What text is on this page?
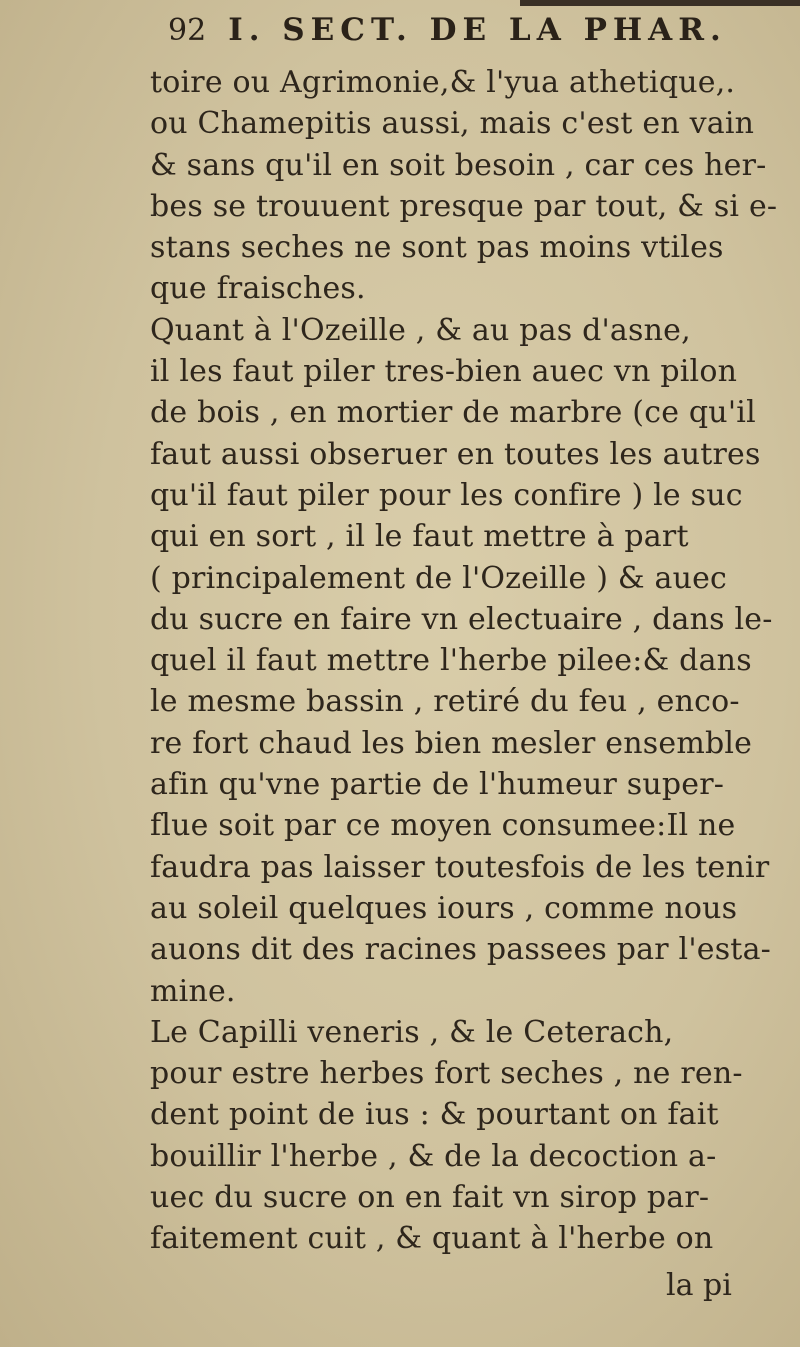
92 I. SECT. DE LA PHAR.
toire ou Agrimonie,& l'yua athetique,.
ou Chamepitis aussi, mais c'est en vain
& sans qu'il en soit besoin , car ces her-
bes se trouuent presque par tout, & si e-
stans seches ne sont pas moins vtiles
que fraisches.
Quant à l'Ozeille , & au pas d'asne,
il les faut piler tres-bien auec vn pilon
de bois , en mortier de marbre (ce qu'il
faut aussi obseruer en toutes les autres
qu'il faut piler pour les confire ) le suc
qui en sort , il le faut mettre à part
( principalement de l'Ozeille ) & auec
du sucre en faire vn electuaire , dans le-
quel il faut mettre l'herbe pilee:& dans
le mesme bassin , retiré du feu , enco-
re fort chaud les bien mesler ensemble
afin qu'vne partie de l'humeur super-
flue soit par ce moyen consumee:Il ne
faudra pas laisser toutesfois de les tenir
au soleil quelques iours , comme nous
auons dit des racines passees par l'esta-
mine.
Le Capilli veneris , & le Ceterach,
pour estre herbes fort seches , ne ren-
dent point de ius : & pourtant on fait
bouillir l'herbe , & de la decoction a-
uec du sucre on en fait vn sirop par-
faitement cuit , & quant à l'herbe on
la pi
